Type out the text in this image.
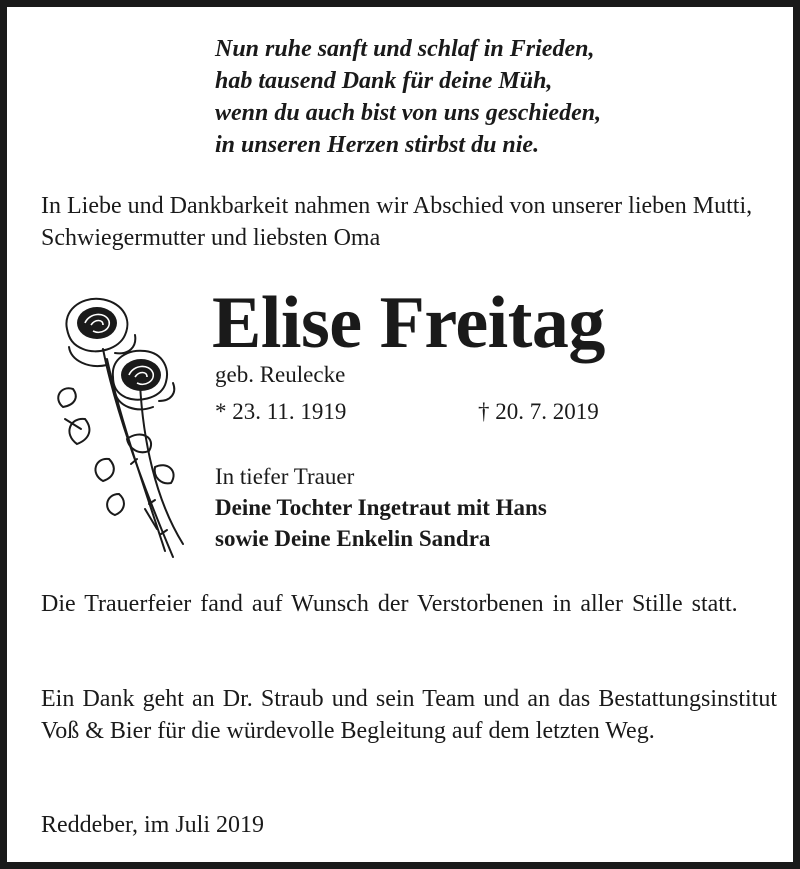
Nun ruhe sanft und schlaf in Frieden,
hab tausend Dank für deine Müh,
wenn du auch bist von uns geschieden,
in unseren Herzen stirbst du nie.
In Liebe und Dankbarkeit nahmen wir Abschied von unserer lieben Mutti, Schwiegermutter und liebsten Oma
Elise Freitag
geb. Reulecke
* 23. 11. 1919	† 20. 7. 2019
In tiefer Trauer
Deine Tochter Ingetraut mit Hans
sowie Deine Enkelin Sandra
Die Trauerfeier fand auf Wunsch der Verstorbenen in aller Stille statt.
Ein Dank geht an Dr. Straub und sein Team und an das Bestattungsinstitut Voß & Bier für die würdevolle Begleitung auf dem letzten Weg.
Reddeber, im Juli 2019
